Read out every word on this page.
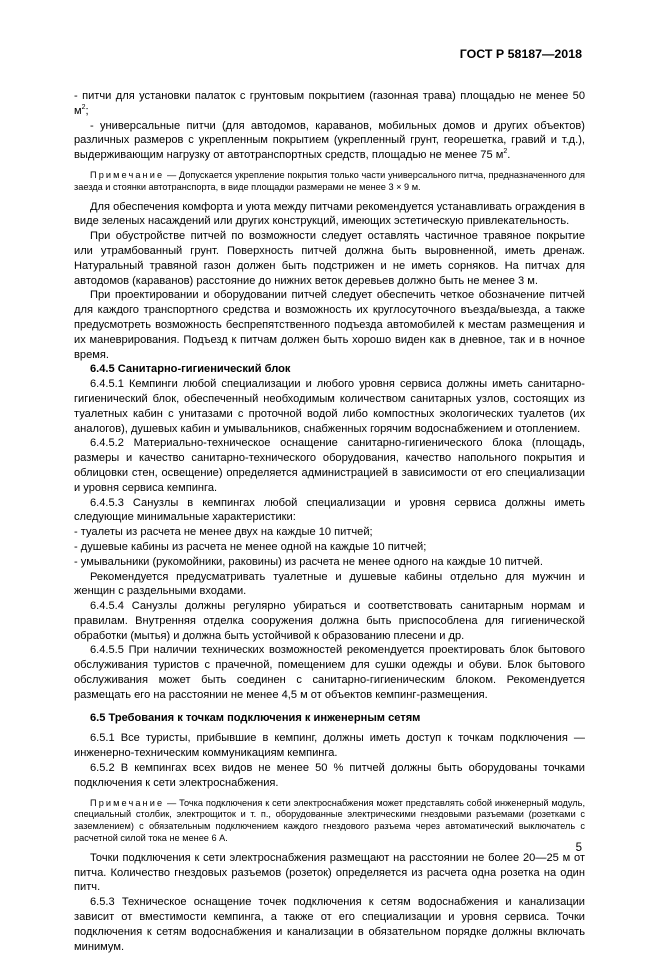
ГОСТ Р 58187—2018

- питчи для установки палаток с грунтовым покрытием (газонная трава) площадью не менее 50 $м^2$;

- универсальные питчи (для автодомов, караванов, мобильных домов и других объектов) различных размеров с укрепленным покрытием (укрепленный грунт, георешетка, гравий и т.д.), выдерживающим нагрузку от автотранспортных средств, площадью не менее 75 $м^2$.

Примечание — Допускается укрепление покрытия только части универсального питча, предназначенного для заезда и стоянки автотранспорта, в виде площадки размерами не менее 3 × 9 м.

Для обеспечения комфорта и уюта между питчами рекомендуется устанавливать ограждения в виде зеленых насаждений или других конструкций, имеющих эстетическую привлекательность.

При обустройстве питчей по возможности следует оставлять частичное травяное покрытие или утрамбованный грунт. Поверхность питчей должна быть выровненной, иметь дренаж. Натуральный травяной газон должен быть подстрижен и не иметь сорняков. На питчах для автодомов (караванов) расстояние до нижних веток деревьев должно быть не менее 3 м.

При проектировании и оборудовании питчей следует обеспечить четкое обозначение питчей для каждого транспортного средства и возможность их круглосуточного въезда/выезда, а также предусмотреть возможность беспрепятственного подъезда автомобилей к местам размещения и их маневрирования. Подъезд к питчам должен быть хорошо виден как в дневное, так и в ночное время.

6.4.5 Санитарно-гигиенический блок

6.4.5.1 Кемпинги любой специализации и любого уровня сервиса должны иметь санитарно-гигиенический блок, обеспеченный необходимым количеством санитарных узлов, состоящих из туалетных кабин с унитазами с проточной водой либо компостных экологических туалетов (их аналогов), душевых кабин и умывальников, снабженных горячим водоснабжением и отоплением.

6.4.5.2 Материально-техническое оснащение санитарно-гигиенического блока (площадь, размеры и качество санитарно-технического оборудования, качество напольного покрытия и облицовки стен, освещение) определяется администрацией в зависимости от его специализации и уровня сервиса кемпинга.

6.4.5.3 Санузлы в кемпингах любой специализации и уровня сервиса должны иметь следующие минимальные характеристики:

- туалеты из расчета не менее двух на каждые 10 питчей;

- душевые кабины из расчета не менее одной на каждые 10 питчей;

- умывальники (рукомойники, раковины) из расчета не менее одного на каждые 10 питчей.

Рекомендуется предусматривать туалетные и душевые кабины отдельно для мужчин и женщин с раздельными входами.

6.4.5.4 Санузлы должны регулярно убираться и соответствовать санитарным нормам и правилам. Внутренняя отделка сооружения должна быть приспособлена для гигиенической обработки (мытья) и должна быть устойчивой к образованию плесени и др.

6.4.5.5 При наличии технических возможностей рекомендуется проектировать блок бытового обслуживания туристов с прачечной, помещением для сушки одежды и обуви. Блок бытового обслуживания может быть соединен с санитарно-гигиеническим блоком. Рекомендуется размещать его на расстоянии не менее 4,5 м от объектов кемпинг-размещения.

6.5 Требования к точкам подключения к инженерным сетям

6.5.1 Все туристы, прибывшие в кемпинг, должны иметь доступ к точкам подключения — инженерно-техническим коммуникациям кемпинга.

6.5.2 В кемпингах всех видов не менее 50 % питчей должны быть оборудованы точками подключения к сети электроснабжения.

Примечание — Точка подключения к сети электроснабжения может представлять собой инженерный модуль, специальный столбик, электрощиток и т. п., оборудованные электрическими гнездовыми разъемами (розетками с заземлением) с обязательным подключением каждого гнездового разъема через автоматический выключатель с расчетной силой тока не менее 6 А.

Точки подключения к сети электроснабжения размещают на расстоянии не более 20—25 м от питча. Количество гнездовых разъемов (розеток) определяется из расчета одна розетка на один питч.

6.5.3 Техническое оснащение точек подключения к сетям водоснабжения и канализации зависит от вместимости кемпинга, а также от его специализации и уровня сервиса. Точки подключения к сетям водоснабжения и канализации в обязательном порядке должны включать минимум.

5
